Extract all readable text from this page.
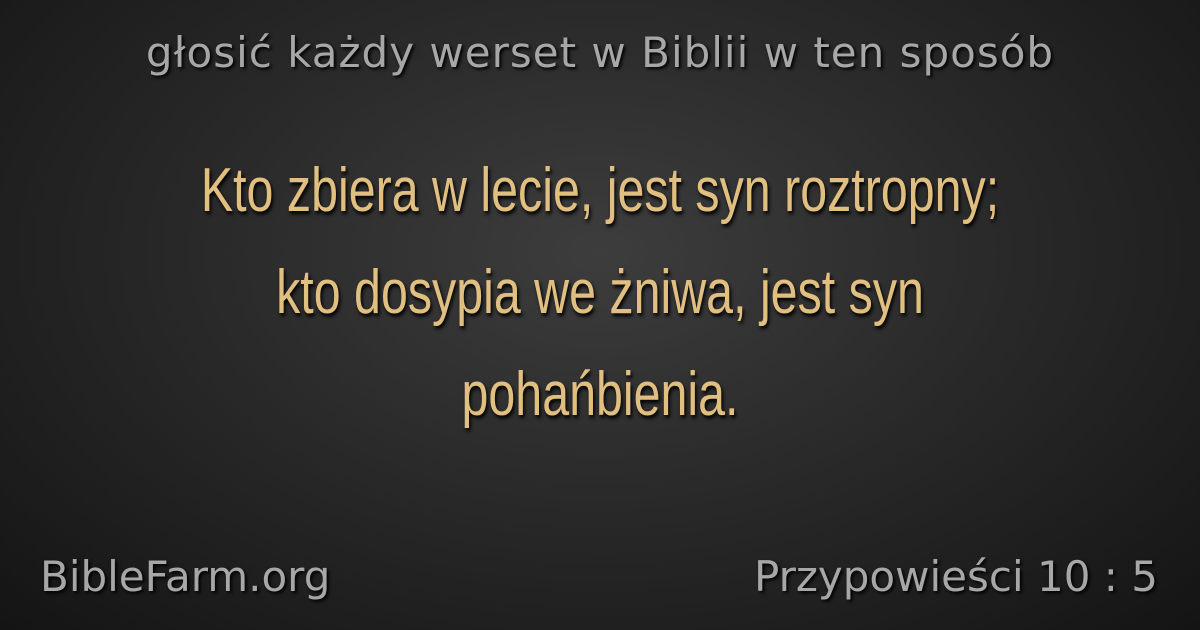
głosić każdy werset w Biblii w ten sposób
Kto zbiera w lecie, jest syn roztropny; kto dosypia we żniwa, jest syn pohańbienia.
BibleFarm.org	Przypowieści 10 : 5
